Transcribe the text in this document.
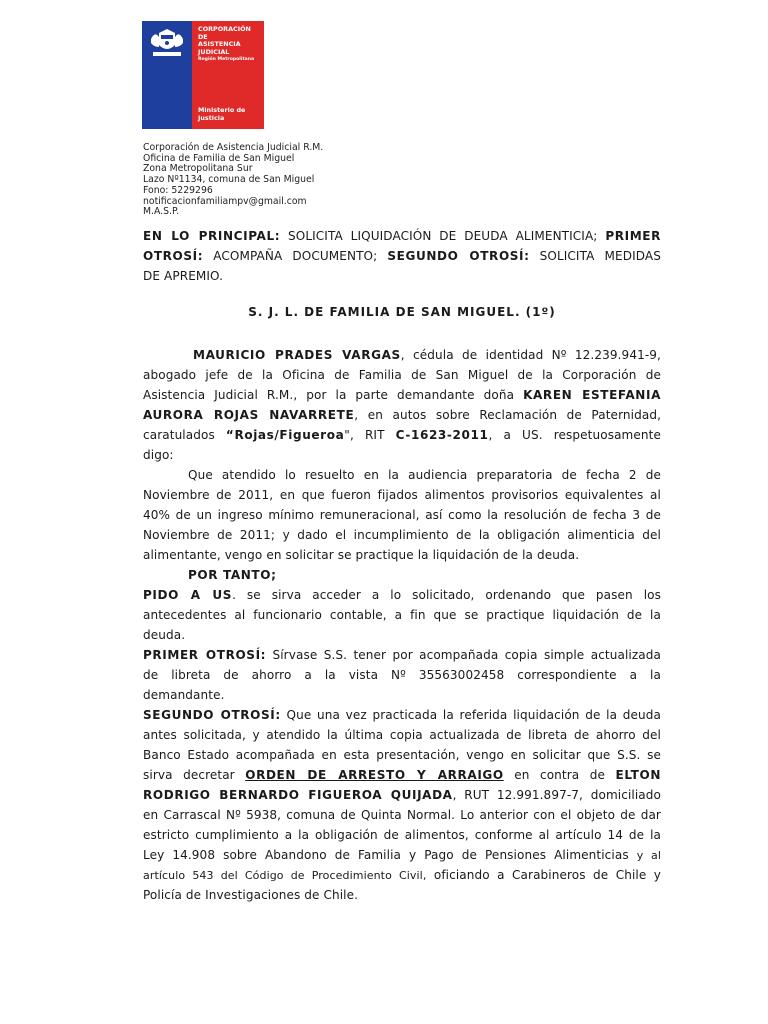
CORPORACIÓN DE
ASISTENCIA
JUDICIAL
Región Metropolitana
Ministerio de
Justicia
Corporación de Asistencia Judicial R.M.
Oficina de Familia de San Miguel
Zona Metropolitana Sur
Lazo Nº1134, comuna de San Miguel
Fono: 5229296
notificacionfamiliampv@gmail.com
M.A.S.P.
EN LO PRINCIPAL: SOLICITA LIQUIDACIÓN DE DEUDA ALIMENTICIA; PRIMER
OTROSÍ: ACOMPAÑA DOCUMENTO; SEGUNDO OTROSÍ: SOLICITA MEDIDAS
DE APREMIO.
S. J. L. DE FAMILIA DE SAN MIGUEL. (1º)
MAURICIO PRADES VARGAS, cédula de identidad Nº 12.239.941-9,
abogado jefe de la Oficina de Familia de San Miguel de la Corporación de
Asistencia Judicial R.M., por la parte demandante doña KAREN ESTEFANIA
AURORA ROJAS NAVARRETE, en autos sobre Reclamación de Paternidad,
caratulados “Rojas/Figueroa", RIT C-1623-2011, a US. respetuosamente
digo:
Que atendido lo resuelto en la audiencia preparatoria de fecha 2 de
Noviembre de 2011, en que fueron fijados alimentos provisorios equivalentes al
40% de un ingreso mínimo remuneracional, así como la resolución de fecha 3 de
Noviembre de 2011; y dado el incumplimiento de la obligación alimenticia del
alimentante, vengo en solicitar se practique la liquidación de la deuda.
POR TANTO;
PIDO A US. se sirva acceder a lo solicitado, ordenando que pasen los
antecedentes al funcionario contable, a fin que se practique liquidación de la
deuda.
PRIMER OTROSÍ: Sírvase S.S. tener por acompañada copia simple actualizada
de libreta de ahorro a la vista Nº 35563002458 correspondiente a la
demandante.
SEGUNDO OTROSÍ: Que una vez practicada la referida liquidación de la deuda
antes solicitada, y atendido la última copia actualizada de libreta de ahorro del
Banco Estado acompañada en esta presentación, vengo en solicitar que S.S. se
sirva decretar ORDEN DE ARRESTO Y ARRAIGO en contra de ELTON
RODRIGO BERNARDO FIGUEROA QUIJADA, RUT 12.991.897-7, domiciliado
en Carrascal Nº 5938, comuna de Quinta Normal. Lo anterior con el objeto de dar
estricto cumplimiento a la obligación de alimentos, conforme al artículo 14 de la
Ley 14.908 sobre Abandono de Familia y Pago de Pensiones Alimenticias y al
artículo 543 del Código de Procedimiento Civil, oficiando a Carabineros de Chile y
Policía de Investigaciones de Chile.
